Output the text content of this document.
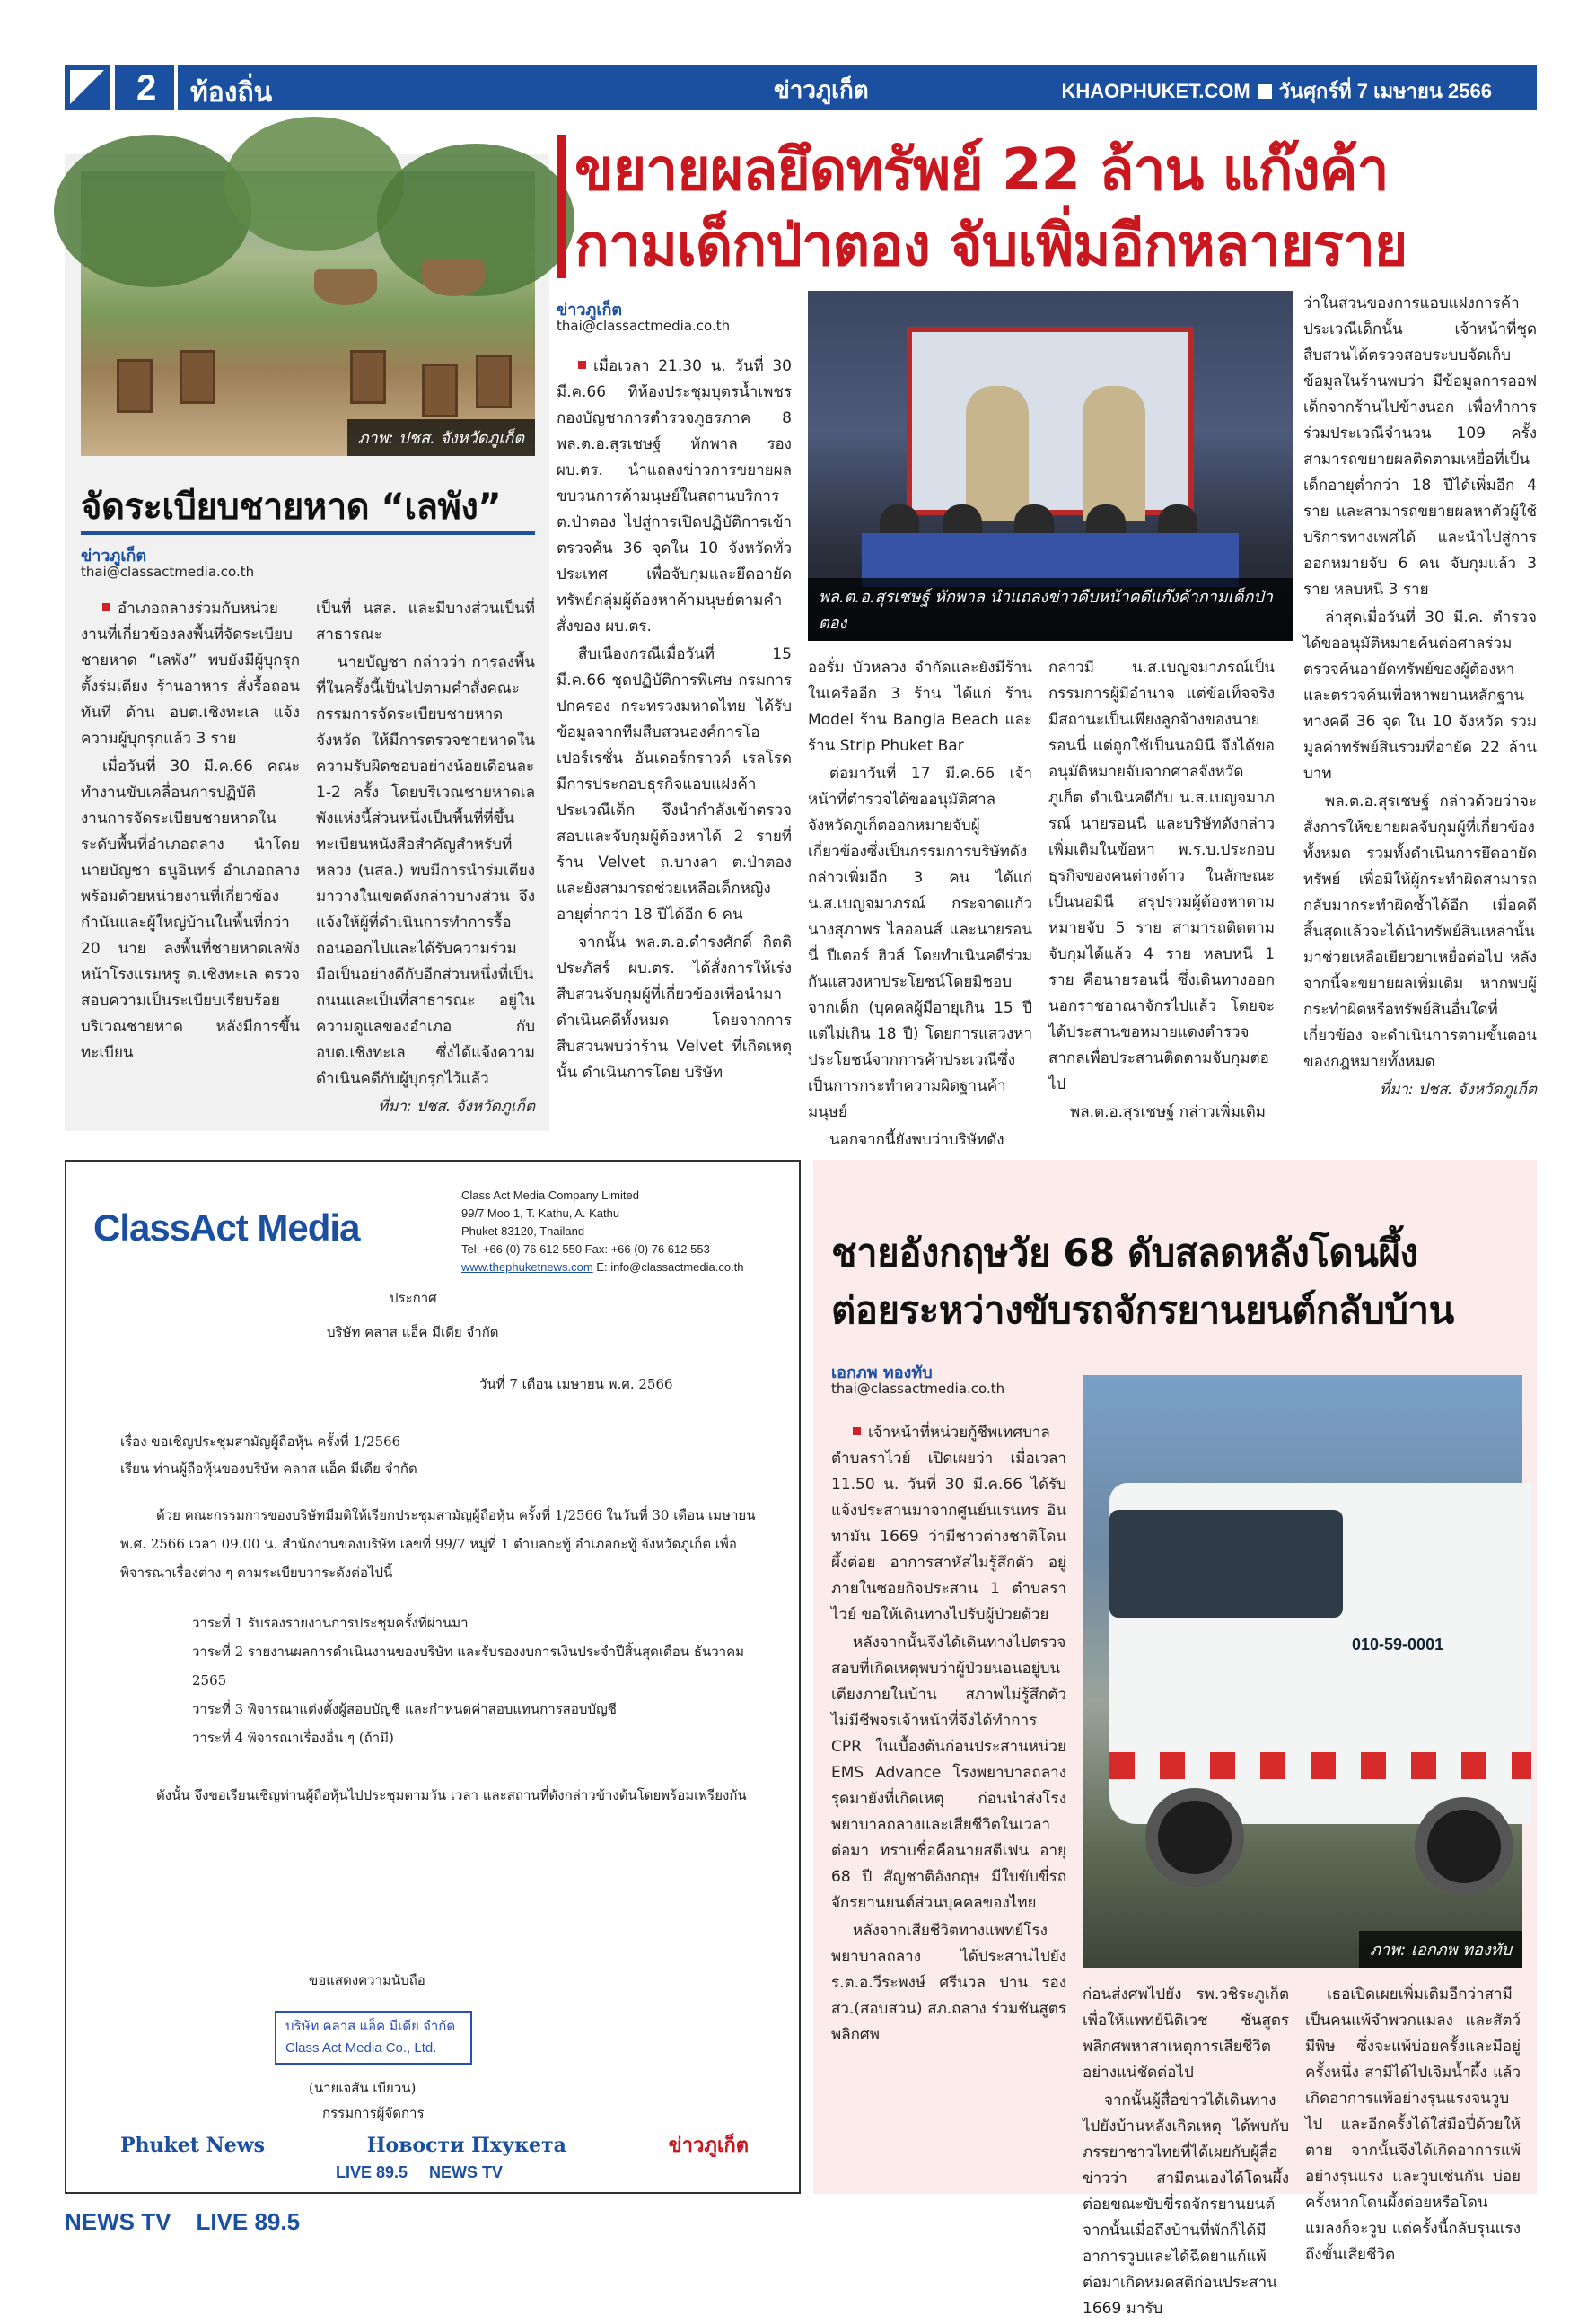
2 ท้องถิ่น	ข่าวภูเก็ต	KHAOPHUKET.COM วันศุกร์ที่ 7 เมษายน 2566
ภาพ: ปชส. จังหวัดภูเก็ต
จัดระเบียบชายหาด “เลพัง”
ข่าวภูเก็ต
thai@classactmedia.co.th

อำเภอถลางร่วมกับหน่วยงานที่เกี่ยวข้องลงพื้นที่จัดระเบียบชายหาด “เลพัง” พบยังมีผู้บุกรุกตั้งร่มเตียง ร้านอาหาร สั่งรื้อถอนทันที ด้าน อบต.เชิงทะเล แจ้งความผู้บุกรุกแล้ว 3 ราย

เมื่อวันที่ 30 มี.ค.66 คณะทำงานขับเคลื่อนการปฏิบัติงานการจัดระเบียบชายหาดในระดับพื้นที่อำเภอถลาง นำโดย นายบัญชา ธนูอินทร์ อำเภอถลาง พร้อมด้วยหน่วยงานที่เกี่ยวข้อง กำนันและผู้ใหญ่บ้านในพื้นที่กว่า 20 นาย ลงพื้นที่ชายหาดเลพัง หน้าโรงแรมหรู ต.เชิงทะเล ตรวจสอบความเป็นระเบียบเรียบร้อยบริเวณชายหาด หลังมีการขึ้นทะเบียน

เป็นที่ นสล. และมีบางส่วนเป็นที่สาธารณะ

นายบัญชา กล่าวว่า การลงพื้นที่ในครั้งนี้เป็นไปตามคำสั่งคณะกรรมการจัดระเบียบชายหาดจังหวัด ให้มีการตรวจชายหาดในความรับผิดชอบอย่างน้อยเดือนละ 1-2 ครั้ง โดยบริเวณชายหาดเลพังแห่งนี้ส่วนหนึ่งเป็นพื้นที่ที่ขึ้นทะเบียนหนังสือสำคัญสำหรับที่หลวง (นสล.) พบมีการนำร่มเตียงมาวางในเขตดังกล่าวบางส่วน จึงแจ้งให้ผู้ที่ดำเนินการทำการรื้อถอนออกไปและได้รับความร่วมมือเป็นอย่างดีกับอีกส่วนหนึ่งที่เป็นถนนและเป็นที่สาธารณะ อยู่ในความดูแลของอำเภอ กับ อบต.เชิงทะเล ซึ่งได้แจ้งความดำเนินคดีกับผู้บุกรุกไว้แล้ว

ที่มา: ปชส. จังหวัดภูเก็ต

ขยายผลยึดทรัพย์ 22 ล้าน แก๊งค้า
กามเด็กป่าตอง จับเพิ่มอีกหลายราย
ข่าวภูเก็ต
thai@classactmedia.co.th
พล.ต.อ.สุรเชษฐ์ หักพาล นำแถลงข่าวคืบหน้าคดีแก๊งค้ากามเด็กป่าตอง

เมื่อเวลา 21.30 น. วันที่ 30 มี.ค.66 ที่ห้องประชุมบุตรน้ำเพชร กองบัญชาการตำรวจภูธรภาค 8 พล.ต.อ.สุรเชษฐ์ หักพาล รอง ผบ.ตร. นำแถลงข่าวการขยายผลขบวนการค้ามนุษย์ในสถานบริการ ต.ป่าตอง ไปสู่การเปิดปฏิบัติการเข้าตรวจค้น 36 จุดใน 10 จังหวัดทั่วประเทศ เพื่อจับกุมและยึดอายัดทรัพย์กลุ่มผู้ต้องหาค้ามนุษย์ตามคำสั่งของ ผบ.ตร.

สืบเนื่องกรณีเมื่อวันที่ 15 มี.ค.66 ชุดปฏิบัติการพิเศษ กรมการปกครอง กระทรวงมหาดไทย ได้รับข้อมูลจากทีมสืบสวนองค์การโอเปอร์เรชั่น อันเดอร์กราวด์ เรลโรด มีการประกอบธุรกิจแอบแฝงค้าประเวณีเด็ก จึงนำกำลังเข้าตรวจสอบและจับกุมผู้ต้องหาได้ 2 รายที่ร้าน Velvet ถ.บางลา ต.ป่าตอง และยังสามารถช่วยเหลือเด็กหญิงอายุต่ำกว่า 18 ปีได้อีก 6 คน

จากนั้น พล.ต.อ.ดำรงศักดิ์ กิตติประภัสร์ ผบ.ตร. ได้สั่งการให้เร่งสืบสวนจับกุมผู้ที่เกี่ยวข้องเพื่อนำมาดำเนินคดีทั้งหมด โดยจากการสืบสวนพบว่าร้าน Velvet ที่เกิดเหตุนั้น ดำเนินการโดย บริษัท

ออรั่ม บัวหลวง จำกัดและยังมีร้านในเครืออีก 3 ร้าน ได้แก่ ร้าน Model ร้าน Bangla Beach และร้าน Strip Phuket Bar

ต่อมาวันที่ 17 มี.ค.66 เจ้าหน้าที่ตำรวจได้ขออนุมัติศาลจังหวัดภูเก็ตออกหมายจับผู้เกี่ยวข้องซึ่งเป็นกรรมการบริษัทดังกล่าวเพิ่มอีก 3 คน ได้แก่ น.ส.เบญจมาภรณ์ กระจาดแก้ว นางสุภาพร ไลออนส์ และนายรอนนี่ ปีเตอร์ ฮิวส์ โดยทำเนินคดีร่วมกันแสวงหาประโยชน์โดยมิชอบจากเด็ก (บุคคลผู้มีอายุเกิน 15 ปีแต่ไม่เกิน 18 ปี) โดยการแสวงหาประโยชน์จากการค้าประเวณีซึ่งเป็นการกระทำความผิดฐานค้ามนุษย์

นอกจากนี้ยังพบว่าบริษัทดัง

กล่าวมี น.ส.เบญจมาภรณ์เป็นกรรมการผู้มีอำนาจ แต่ข้อเท็จจริงมีสถานะเป็นเพียงลูกจ้างของนายรอนนี่ แต่ถูกใช้เป็นนอมินี จึงได้ขออนุมัติหมายจับจากศาลจังหวัดภูเก็ต ดำเนินคดีกับ น.ส.เบญจมาภรณ์ นายรอนนี่ และบริษัทดังกล่าวเพิ่มเติมในข้อหา พ.ร.บ.ประกอบธุรกิจของคนต่างด้าว ในลักษณะเป็นนอมินี สรุปรวมผู้ต้องหาตามหมายจับ 5 ราย สามารถติดตามจับกุมได้แล้ว 4 ราย หลบหนี 1 ราย คือนายรอนนี่ ซึ่งเดินทางออกนอกราชอาณาจักรไปแล้ว โดยจะได้ประสานขอหมายแดงตำรวจสากลเพื่อประสานติดตามจับกุมต่อไป

พล.ต.อ.สุรเชษฐ์ กล่าวเพิ่มเติม

ว่าในส่วนของการแอบแฝงการค้าประเวณีเด็กนั้น เจ้าหน้าที่ชุดสืบสวนได้ตรวจสอบระบบจัดเก็บข้อมูลในร้านพบว่า มีข้อมูลการออฟเด็กจากร้านไปข้างนอก เพื่อทำการร่วมประเวณีจำนวน 109 ครั้ง สามารถขยายผลติดตามเหยื่อที่เป็นเด็กอายุต่ำกว่า 18 ปีได้เพิ่มอีก 4 ราย และสามารถขยายผลหาตัวผู้ใช้บริการทางเพศได้ และนำไปสู่การออกหมายจับ 6 คน จับกุมแล้ว 3 ราย หลบหนี 3 ราย

ล่าสุดเมื่อวันที่ 30 มี.ค. ตำรวจได้ขออนุมัติหมายค้นต่อศาลร่วมตรวจค้นอายัดทรัพย์ของผู้ต้องหาและตรวจค้นเพื่อหาพยานหลักฐานทางคดี 36 จุด ใน 10 จังหวัด รวมมูลค่าทรัพย์สินรวมที่อายัด 22 ล้านบาท

พล.ต.อ.สุรเชษฐ์ กล่าวด้วยว่าจะสั่งการให้ขยายผลจับกุมผู้ที่เกี่ยวข้องทั้งหมด รวมทั้งดำเนินการยึดอายัดทรัพย์ เพื่อมิให้ผู้กระทำผิดสามารถกลับมากระทำผิดซ้ำได้อีก เมื่อคดีสิ้นสุดแล้วจะได้นำทรัพย์สินเหล่านั้นมาช่วยเหลือเยียวยาเหยื่อต่อไป หลังจากนี้จะขยายผลเพิ่มเติม หากพบผู้กระทำผิดหรือทรัพย์สินอื่นใดที่เกี่ยวข้อง จะดำเนินการตามขั้นตอนของกฎหมายทั้งหมด

ที่มา: ปชส. จังหวัดภูเก็ต

ClassAct Media
Class Act Media Company Limited
99/7 Moo 1, T. Kathu, A. Kathu
Phuket 83120, Thailand
Tel: +66 (0) 76 612 550 Fax: +66 (0) 76 612 553
www.thephuketnews.com E: info@classactmedia.co.th
ประกาศ
บริษัท คลาส แอ็ค มีเดีย จำกัด
วันที่ 7 เดือน เมษายน พ.ศ. 2566
เรื่อง ขอเชิญประชุมสามัญผู้ถือหุ้น ครั้งที่ 1/2566
เรียน ท่านผู้ถือหุ้นของบริษัท คลาส แอ็ค มีเดีย จำกัด
ด้วย คณะกรรมการของบริษัทมีมติให้เรียกประชุมสามัญผู้ถือหุ้น ครั้งที่ 1/2566 ในวันที่ 30 เดือน เมษายน พ.ศ. 2566 เวลา 09.00 น. สำนักงานของบริษัท เลขที่ 99/7 หมู่ที่ 1 ตำบลกะทู้ อำเภอกะทู้ จังหวัดภูเก็ต เพื่อพิจารณาเรื่องต่าง ๆ ตามระเบียบวาระดังต่อไปนี้
วาระที่ 1 รับรองรายงานการประชุมครั้งที่ผ่านมา
วาระที่ 2 รายงานผลการดำเนินงานของบริษัท และรับรองงบการเงินประจำปีสิ้นสุดเดือน ธันวาคม 2565
วาระที่ 3 พิจารณาแต่งตั้งผู้สอบบัญชี และกำหนดค่าสอบแทนการสอบบัญชี
วาระที่ 4 พิจารณาเรื่องอื่น ๆ (ถ้ามี)
ดังนั้น จึงขอเรียนเชิญท่านผู้ถือหุ้นไปประชุมตามวัน เวลา และสถานที่ดังกล่าวข้างต้นโดยพร้อมเพรียงกัน
ขอแสดงความนับถือ
บริษัท คลาส แอ็ค มีเดีย จำกัด
Class Act Media Co., Ltd.
(นายเจสัน เบียวน)
กรรมการผู้จัดการ
Phuket News	Новости Пхукета	ข่าวภูเก็ต
LIVE 89.5 NEWS TV
ชายอังกฤษวัย 68 ดับสลดหลังโดนผึ้ง
ต่อยระหว่างขับรถจักรยานยนต์กลับบ้าน
เอกภพ ทองทับ
thai@classactmedia.co.th
010-59-0001
ภาพ: เอกภพ ทองทับ

เจ้าหน้าที่หน่วยกู้ชีพเทศบาลตำบลราไวย์ เปิดเผยว่า เมื่อเวลา 11.50 น. วันที่ 30 มี.ค.66 ได้รับแจ้งประสานมาจากศูนย์นเรนทร อินทามัน 1669 ว่ามีชาวต่างชาติโดนผึ้งต่อย อาการสาหัสไม่รู้สึกตัว อยู่ภายในซอยกิจประสาน 1 ตำบลราไวย์ ขอให้เดินทางไปรับผู้ป่วยด้วย

หลังจากนั้นจึงได้เดินทางไปตรวจสอบที่เกิดเหตุพบว่าผู้ป่วยนอนอยู่บนเตียงภายในบ้าน สภาพไม่รู้สึกตัว ไม่มีชีพจรเจ้าหน้าที่จึงได้ทำการ CPR ในเบื้องต้นก่อนประสานหน่วย EMS Advance โรงพยาบาลถลางรุดมายังที่เกิดเหตุ ก่อนนำส่งโรงพยาบาลถลางและเสียชีวิตในเวลาต่อมา ทราบชื่อคือนายสตีเฟน อายุ 68 ปี สัญชาติอังกฤษ มีใบขับขี่รถจักรยานยนต์ส่วนบุคคลของไทย

หลังจากเสียชีวิตทางแพทย์โรงพยาบาลถลาง ได้ประสานไปยัง ร.ต.อ.วีระพงษ์ ศรีนวล ปาน รอง สว.(สอบสวน) สภ.ถลาง ร่วมชันสูตรพลิกศพ

ก่อนส่งศพไปยัง รพ.วชิระภูเก็ต เพื่อให้แพทย์นิติเวช ชันสูตรพลิกศพหาสาเหตุการเสียชีวิตอย่างแน่ชัดต่อไป

จากนั้นผู้สื่อข่าวได้เดินทางไปยังบ้านหลังเกิดเหตุ ได้พบกับภรรยาชาวไทยที่ได้เผยกับผู้สื่อข่าวว่า สามีตนเองได้โดนผึ้งต่อยขณะขับขี่รถจักรยานยนต์ จากนั้นเมื่อถึงบ้านที่พักก็ได้มีอาการวูบและได้ฉีดยาแก้แพ้ ต่อมาเกิดหมดสติก่อนประสาน 1669 มารับ

เธอเปิดเผยเพิ่มเติมอีกว่าสามีเป็นคนแพ้จำพวกแมลง และสัตว์มีพิษ ซึ่งจะแพ้บ่อยครั้งและมีอยู่ครั้งหนึ่ง สามีได้ไปเจิมน้ำผึ้ง แล้วเกิดอาการแพ้อย่างรุนแรงจนวูบไป และอีกครั้งได้ใส่มือปี่ด้วยให้ตาย จากนั้นจึงได้เกิดอาการแพ้อย่างรุนแรง และวูบเช่นกัน บ่อยครั้งหากโดนผึ้งต่อยหรือโดนแมลงก็จะวูบ แต่ครั้งนี้กลับรุนแรงถึงขั้นเสียชีวิต

NEWS TV LIVE 89.5
